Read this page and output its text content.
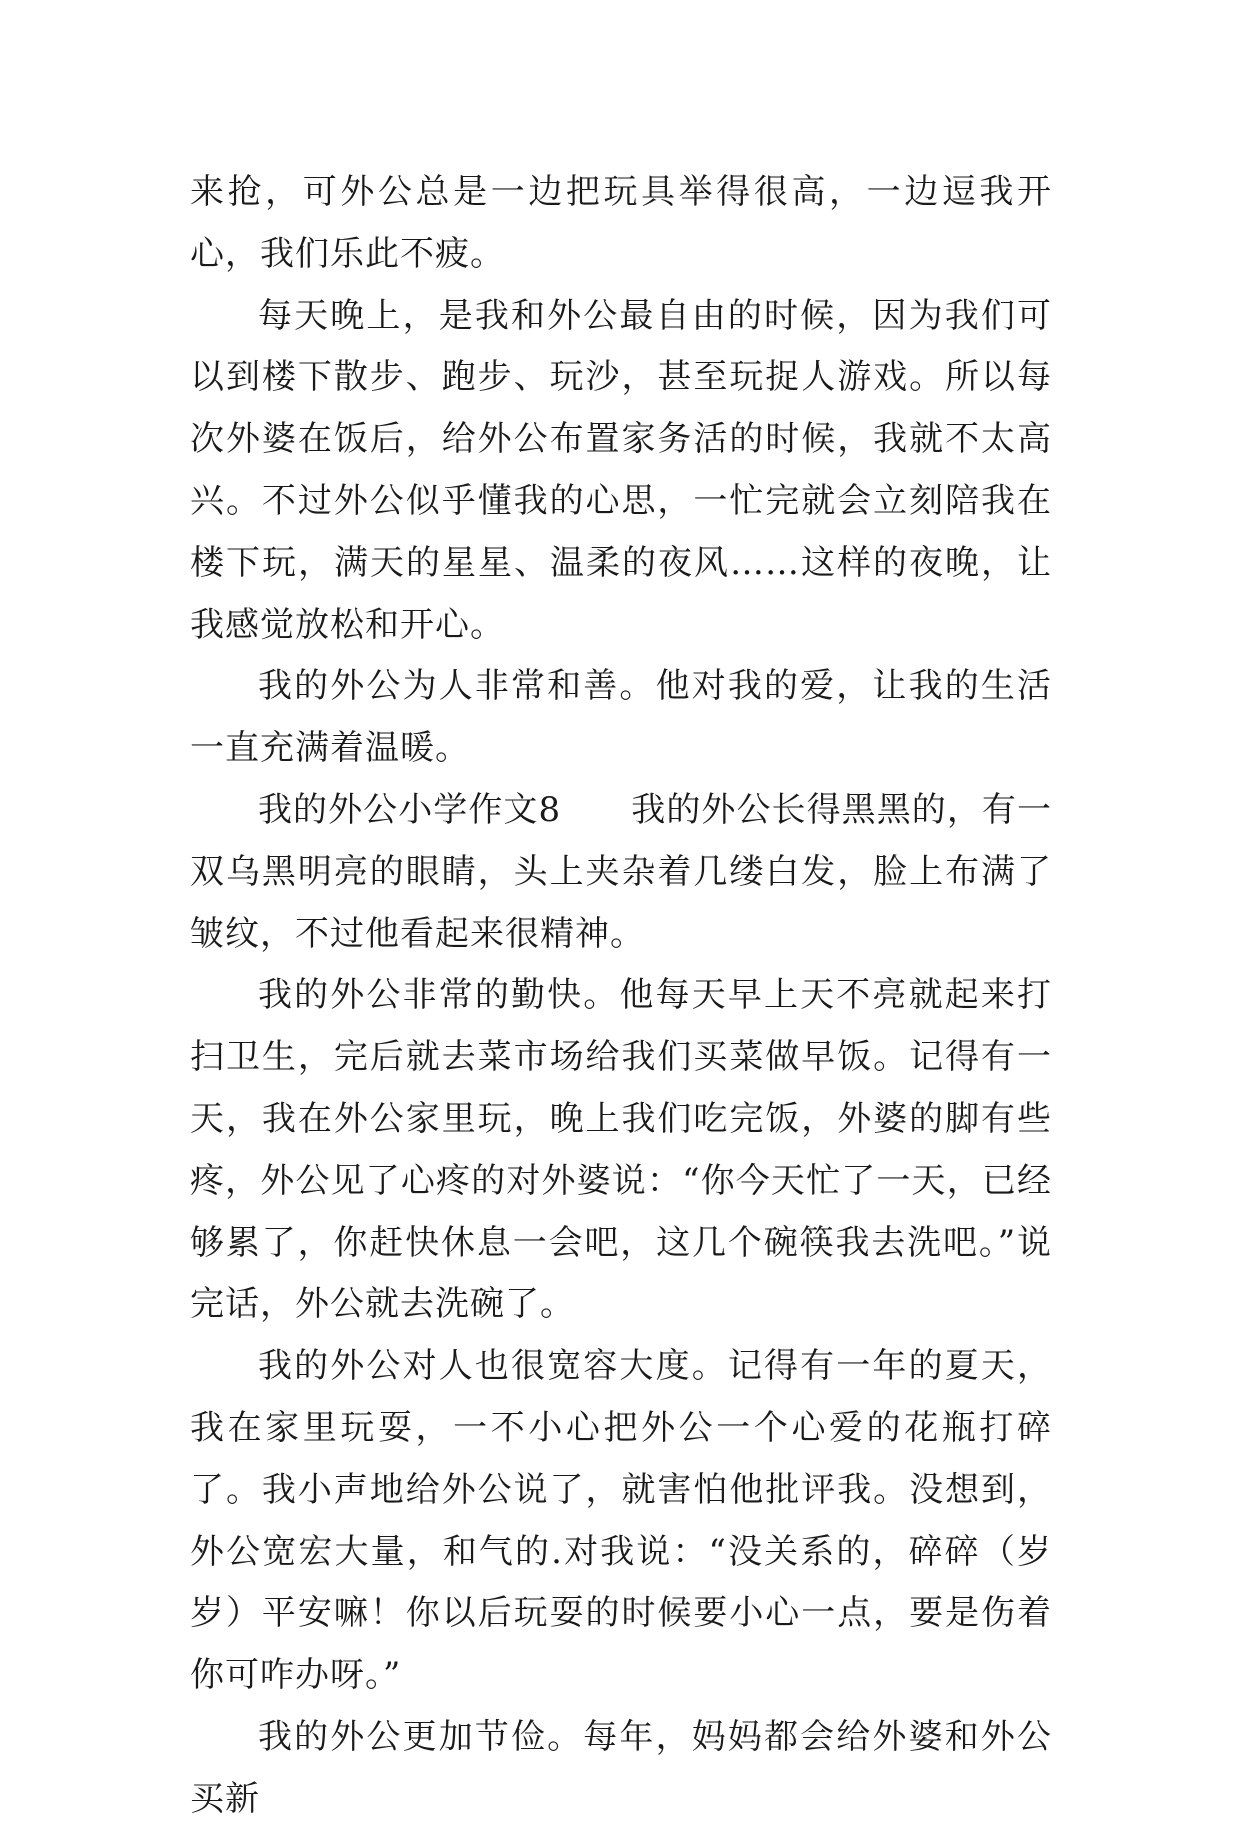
来抢，可外公总是一边把玩具举得很高，一边逗我开心，我们乐此不疲。

每天晚上，是我和外公最自由的时候，因为我们可以到楼下散步、跑步、玩沙，甚至玩捉人游戏。所以每次外婆在饭后，给外公布置家务活的时候，我就不太高兴。不过外公似乎懂我的心思，一忙完就会立刻陪我在楼下玩，满天的星星、温柔的夜风……这样的夜晚，让我感觉放松和开心。

我的外公为人非常和善。他对我的爱，让我的生活一直充满着温暖。

我的外公小学作文8　　我的外公长得黑黑的，有一双乌黑明亮的眼睛，头上夹杂着几缕白发，脸上布满了皱纹，不过他看起来很精神。

我的外公非常的勤快。他每天早上天不亮就起来打扫卫生，完后就去菜市场给我们买菜做早饭。记得有一天，我在外公家里玩，晚上我们吃完饭，外婆的脚有些疼，外公见了心疼的对外婆说：“你今天忙了一天，已经够累了，你赶快休息一会吧，这几个碗筷我去洗吧。”说完话，外公就去洗碗了。

我的外公对人也很宽容大度。记得有一年的夏天，我在家里玩耍，一不小心把外公一个心爱的花瓶打碎了。我小声地给外公说了，就害怕他批评我。没想到，外公宽宏大量，和气的.对我说：“没关系的，碎碎（岁岁）平安嘛！你以后玩耍的时候要小心一点，要是伤着你可咋办呀。”

我的外公更加节俭。每年，妈妈都会给外婆和外公买新
